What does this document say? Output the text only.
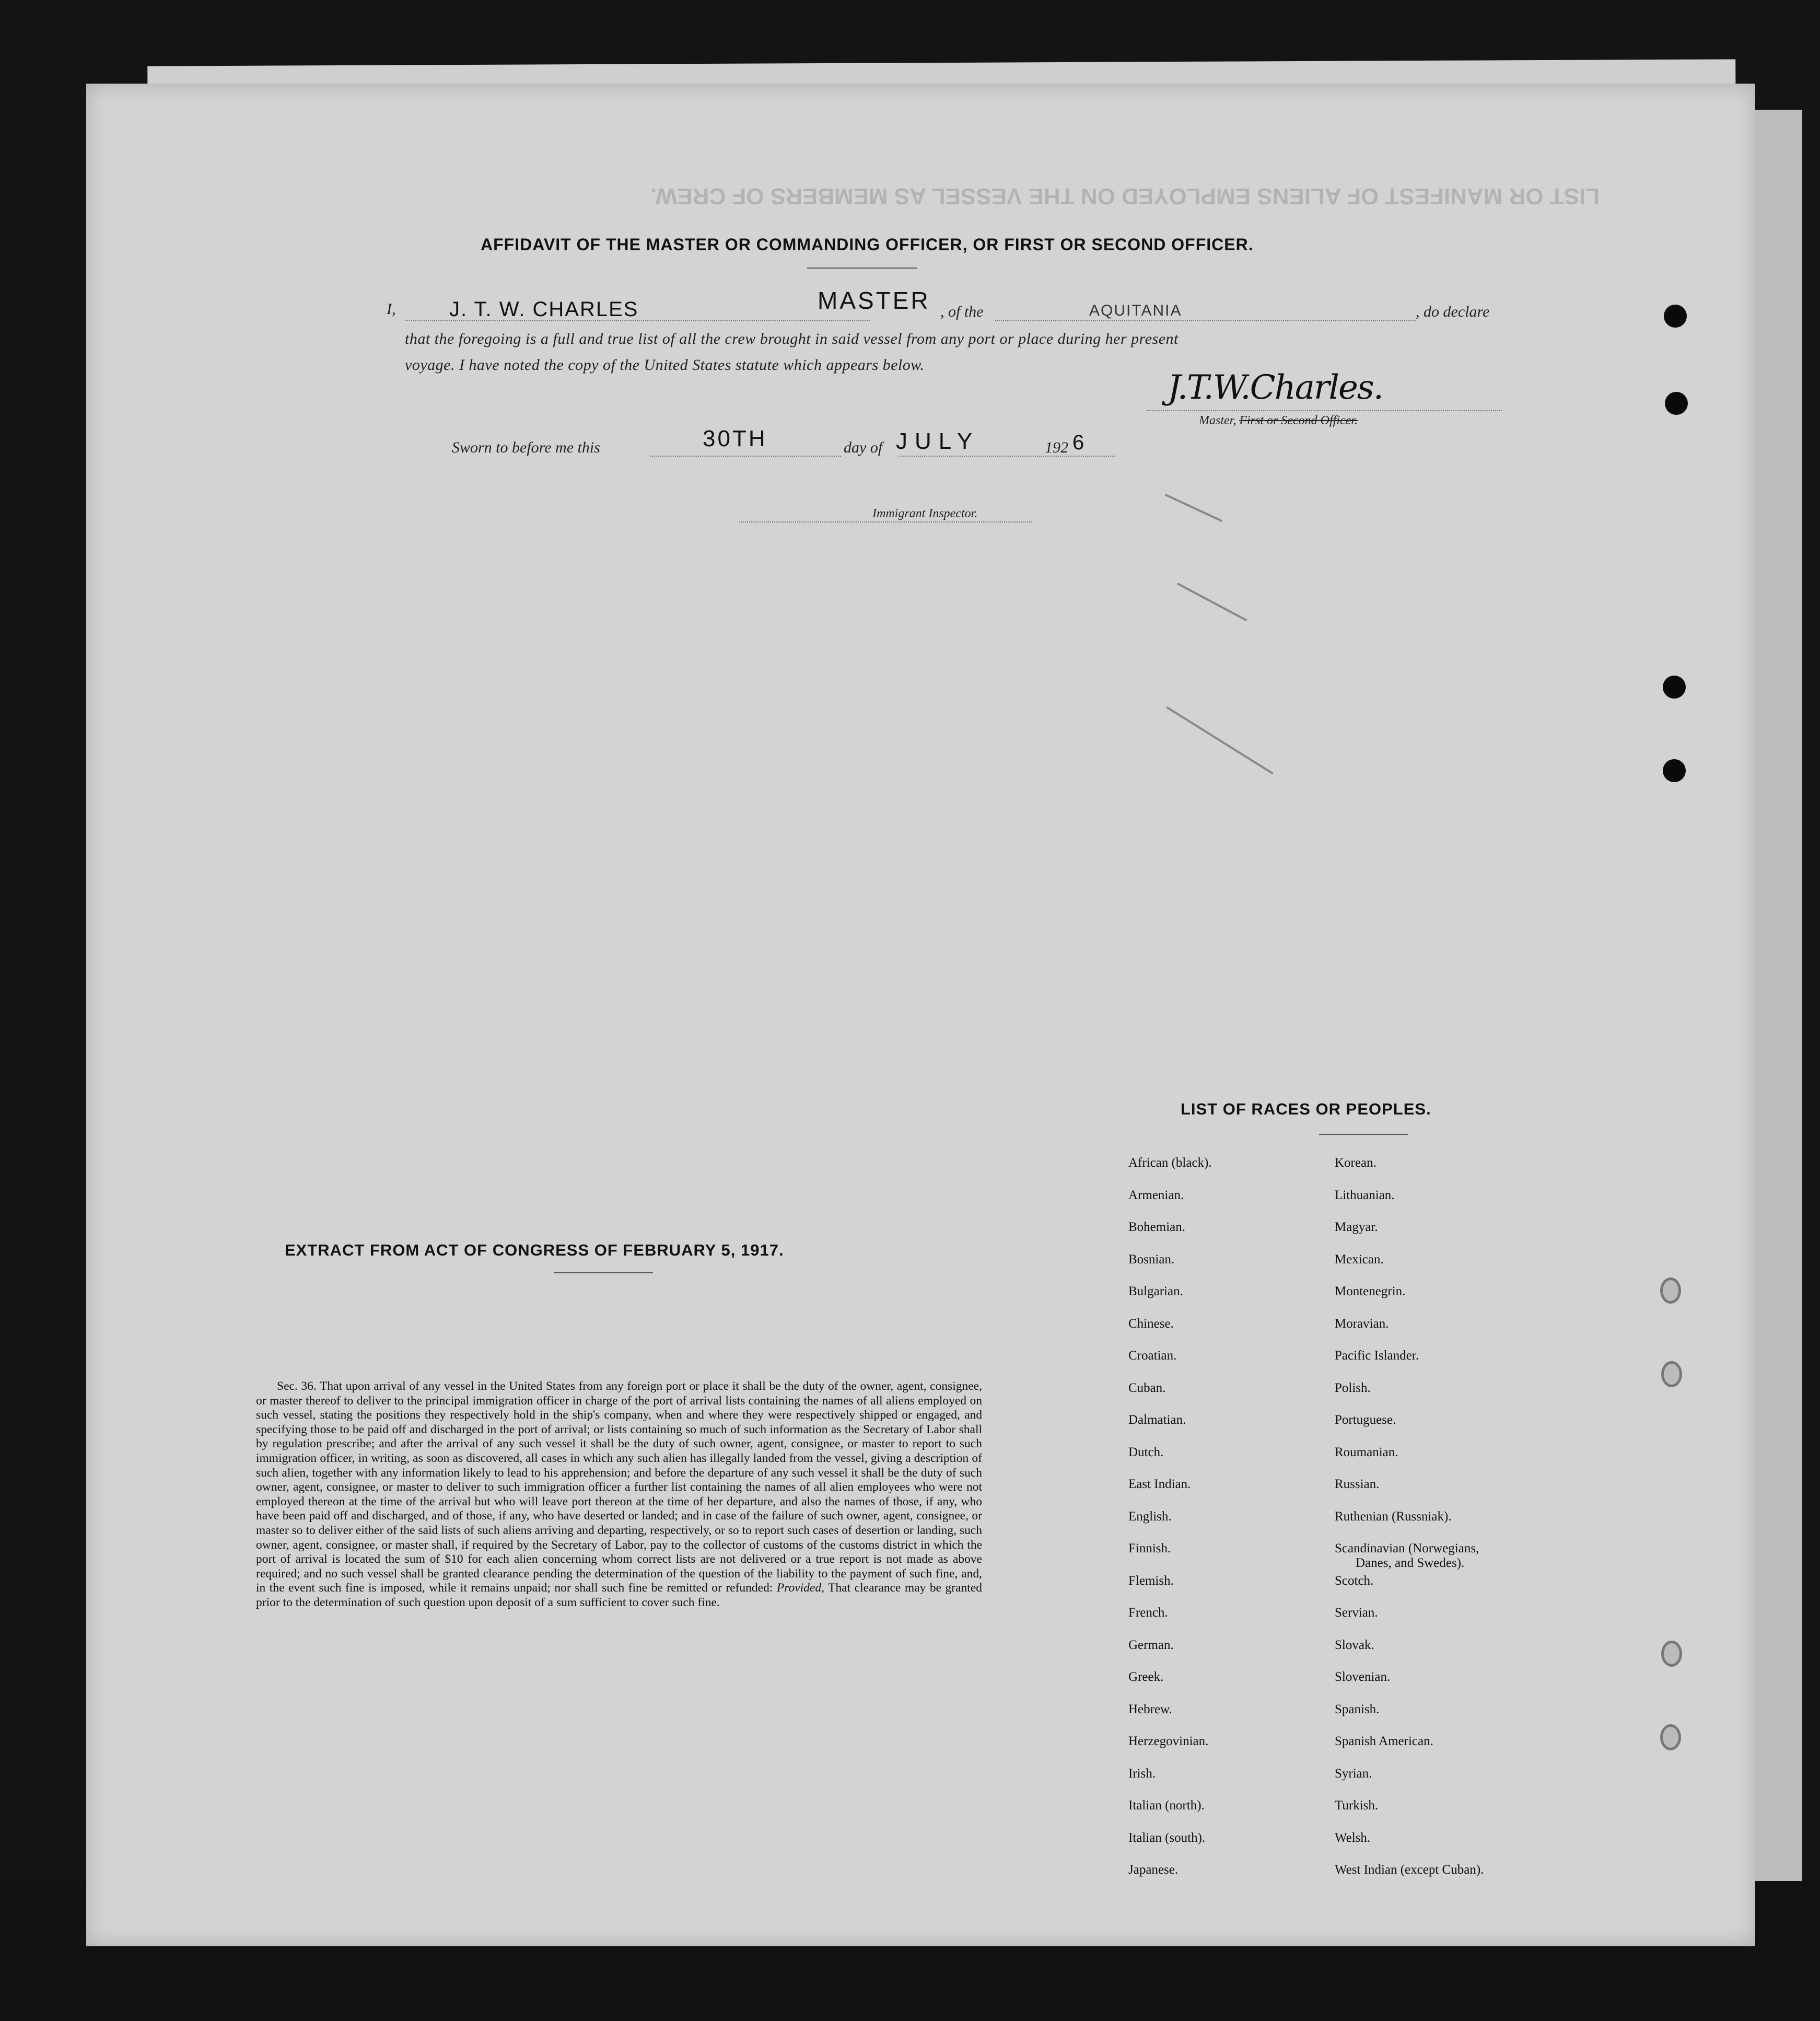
LIST OR MANIFEST OF ALIENS EMPLOYED ON THE VESSEL AS MEMBERS OF CREW.
AFFIDAVIT OF THE MASTER OR COMMANDING OFFICER, OR FIRST OR SECOND OFFICER.
I,	J. T. W. CHARLES	MASTER , of the	AQUITANIA	, do declare
that the foregoing is a full and true list of all the crew brought in said vessel from any port or place during her present
voyage. I have noted the copy of the United States statute which appears below.
J.T.W.Charles.
Master, First or Second Officer.
Sworn to before me this	30TH	day of JULY	192 6
Immigrant Inspector.
EXTRACT FROM ACT OF CONGRESS OF FEBRUARY 5, 1917.

Sec. 36. That upon arrival of any vessel in the United States from any foreign port or place it shall be the duty of the owner, agent, consignee, or master thereof to deliver to the principal immigration officer in charge of the port of arrival lists containing the names of all aliens employed on such vessel, stating the positions they respectively hold in the ship's company, when and where they were respectively shipped or engaged, and specifying those to be paid off and discharged in the port of arrival; or lists containing so much of such information as the Secretary of Labor shall by regulation prescribe; and after the arrival of any such vessel it shall be the duty of such owner, agent, consignee, or master to report to such immigration officer, in writing, as soon as discovered, all cases in which any such alien has illegally landed from the vessel, giving a description of such alien, together with any information likely to lead to his apprehension; and before the departure of any such vessel it shall be the duty of such owner, agent, consignee, or master to deliver to such immigration officer a further list containing the names of all alien employees who were not employed thereon at the time of the arrival but who will leave port thereon at the time of her departure, and also the names of those, if any, who have been paid off and discharged, and of those, if any, who have deserted or landed; and in case of the failure of such owner, agent, consignee, or master so to deliver either of the said lists of such aliens arriving and departing, respectively, or so to report such cases of desertion or landing, such owner, agent, consignee, or master shall, if required by the Secretary of Labor, pay to the collector of customs of the customs district in which the port of arrival is located the sum of $10 for each alien concerning whom correct lists are not delivered or a true report is not made as above required; and no such vessel shall be granted clearance pending the determination of the question of the liability to the payment of such fine, and, in the event such fine is imposed, while it remains unpaid; nor shall such fine be remitted or refunded: Provided, That clearance may be granted prior to the determination of such question upon deposit of a sum sufficient to cover such fine.

LIST OF RACES OR PEOPLES.
African (black).
Armenian.
Bohemian.
Bosnian.
Bulgarian.
Chinese.
Croatian.
Cuban.
Dalmatian.
Dutch.
East Indian.
English.
Finnish.
Flemish.
French.
German.
Greek.
Hebrew.
Herzegovinian.
Irish.
Italian (north).
Italian (south).
Japanese.
Korean.
Lithuanian.
Magyar.
Mexican.
Montenegrin.
Moravian.
Pacific Islander.
Polish.
Portuguese.
Roumanian.
Russian.
Ruthenian (Russniak).
Scandinavian (Norwegians,
Danes, and Swedes).
Scotch.
Servian.
Slovak.
Slovenian.
Spanish.
Spanish American.
Syrian.
Turkish.
Welsh.
West Indian (except Cuban).
